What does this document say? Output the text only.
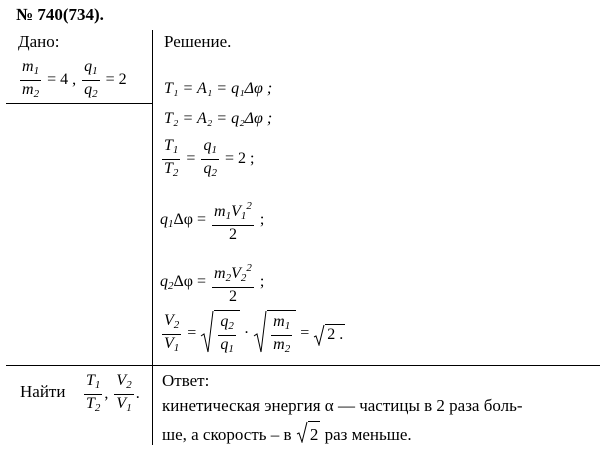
№ 740(734).
Дано:
$\frac{m_1}{m_2} = 4$ , $\frac{q_1}{q_2} = 2$
Решение.
T₁ = A₁ = q₁Δφ ;
T₂ = A₂ = q₂Δφ ;
$\frac{T_1}{T_2} = \frac{q_1}{q_2} = 2$ ;
$q_1\Delta\varphi = \frac{m_1V_1^2}{2}$ ;
$q_2\Delta\varphi = \frac{m_2V_2^2}{2}$ ;
$\frac{V_2}{V_1} = \frac{q_2}{q_1} \cdot \frac{m_1}{m_2} = 2$ .
Найти $\frac{T_1}{T_2}$ , $\frac{V_2}{V_1}$ .
Ответ:
кинетическая энергия α — частицы в 2 раза боль-
ше, а скорость – в 2 раз меньше.
